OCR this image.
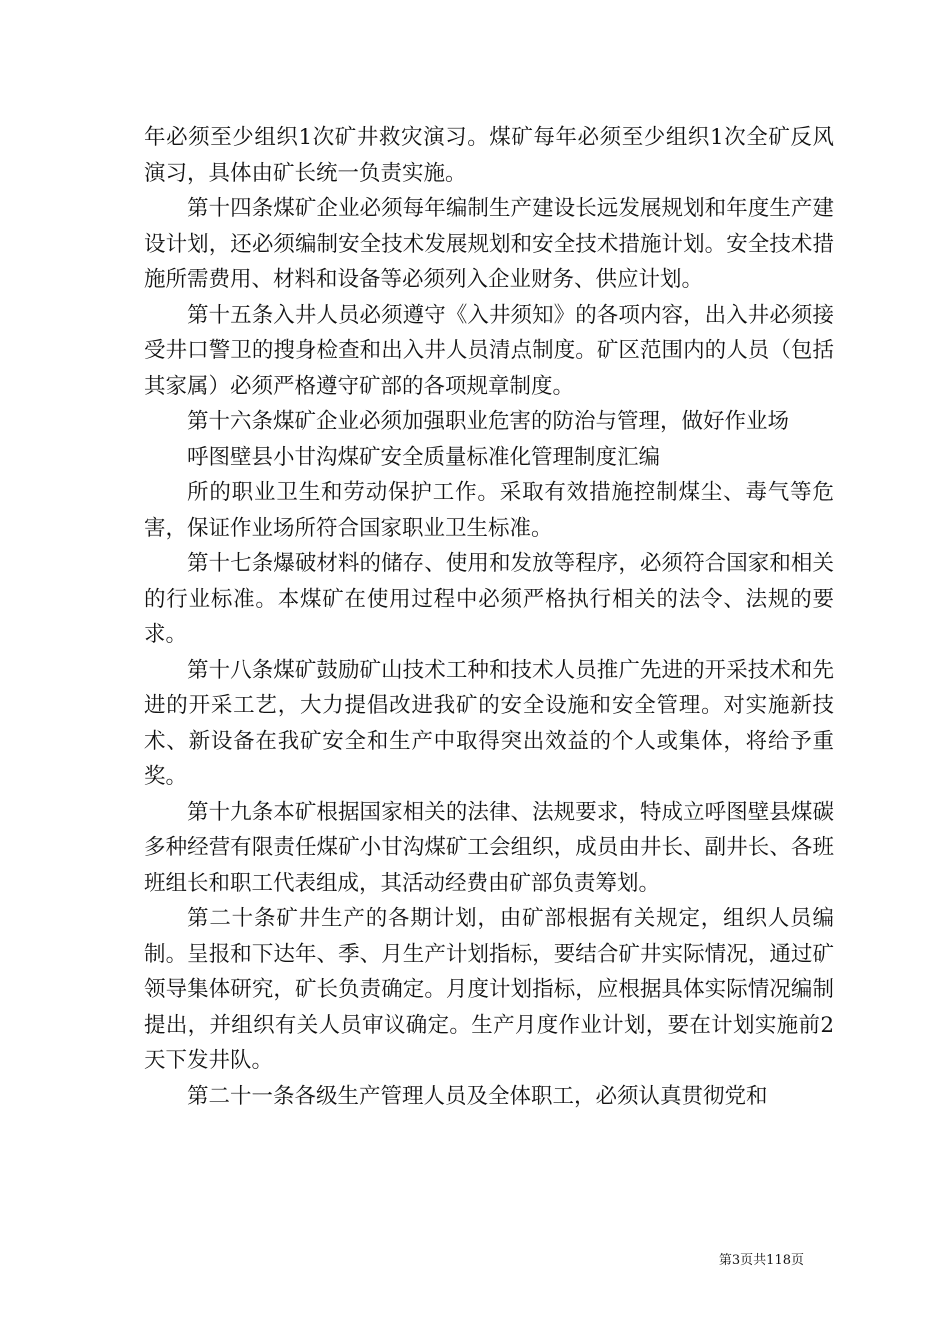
年必须至少组织1次矿井救灾演习。煤矿每年必须至少组织1次全矿反风演习，具体由矿长统一负责实施。

第十四条煤矿企业必须每年编制生产建设长远发展规划和年度生产建设计划，还必须编制安全技术发展规划和安全技术措施计划。安全技术措施所需费用、材料和设备等必须列入企业财务、供应计划。

第十五条入井人员必须遵守《入井须知》的各项内容，出入井必须接受井口警卫的搜身检查和出入井人员清点制度。矿区范围内的人员（包括其家属）必须严格遵守矿部的各项规章制度。

第十六条煤矿企业必须加强职业危害的防治与管理，做好作业场

呼图壁县小甘沟煤矿安全质量标准化管理制度汇编

所的职业卫生和劳动保护工作。采取有效措施控制煤尘、毒气等危害，保证作业场所符合国家职业卫生标准。

第十七条爆破材料的储存、使用和发放等程序，必须符合国家和相关的行业标准。本煤矿在使用过程中必须严格执行相关的法令、法规的要求。

第十八条煤矿鼓励矿山技术工种和技术人员推广先进的开采技术和先进的开采工艺，大力提倡改进我矿的安全设施和安全管理。对实施新技术、新设备在我矿安全和生产中取得突出效益的个人或集体，将给予重奖。

第十九条本矿根据国家相关的法律、法规要求，特成立呼图壁县煤碳多种经营有限责任煤矿小甘沟煤矿工会组织，成员由井长、副井长、各班班组长和职工代表组成，其活动经费由矿部负责筹划。

第二十条矿井生产的各期计划，由矿部根据有关规定，组织人员编制。呈报和下达年、季、月生产计划指标，要结合矿井实际情况，通过矿领导集体研究，矿长负责确定。月度计划指标，应根据具体实际情况编制提出，并组织有关人员审议确定。生产月度作业计划，要在计划实施前2天下发井队。

第二十一条各级生产管理人员及全体职工，必须认真贯彻党和

第3页共118页
